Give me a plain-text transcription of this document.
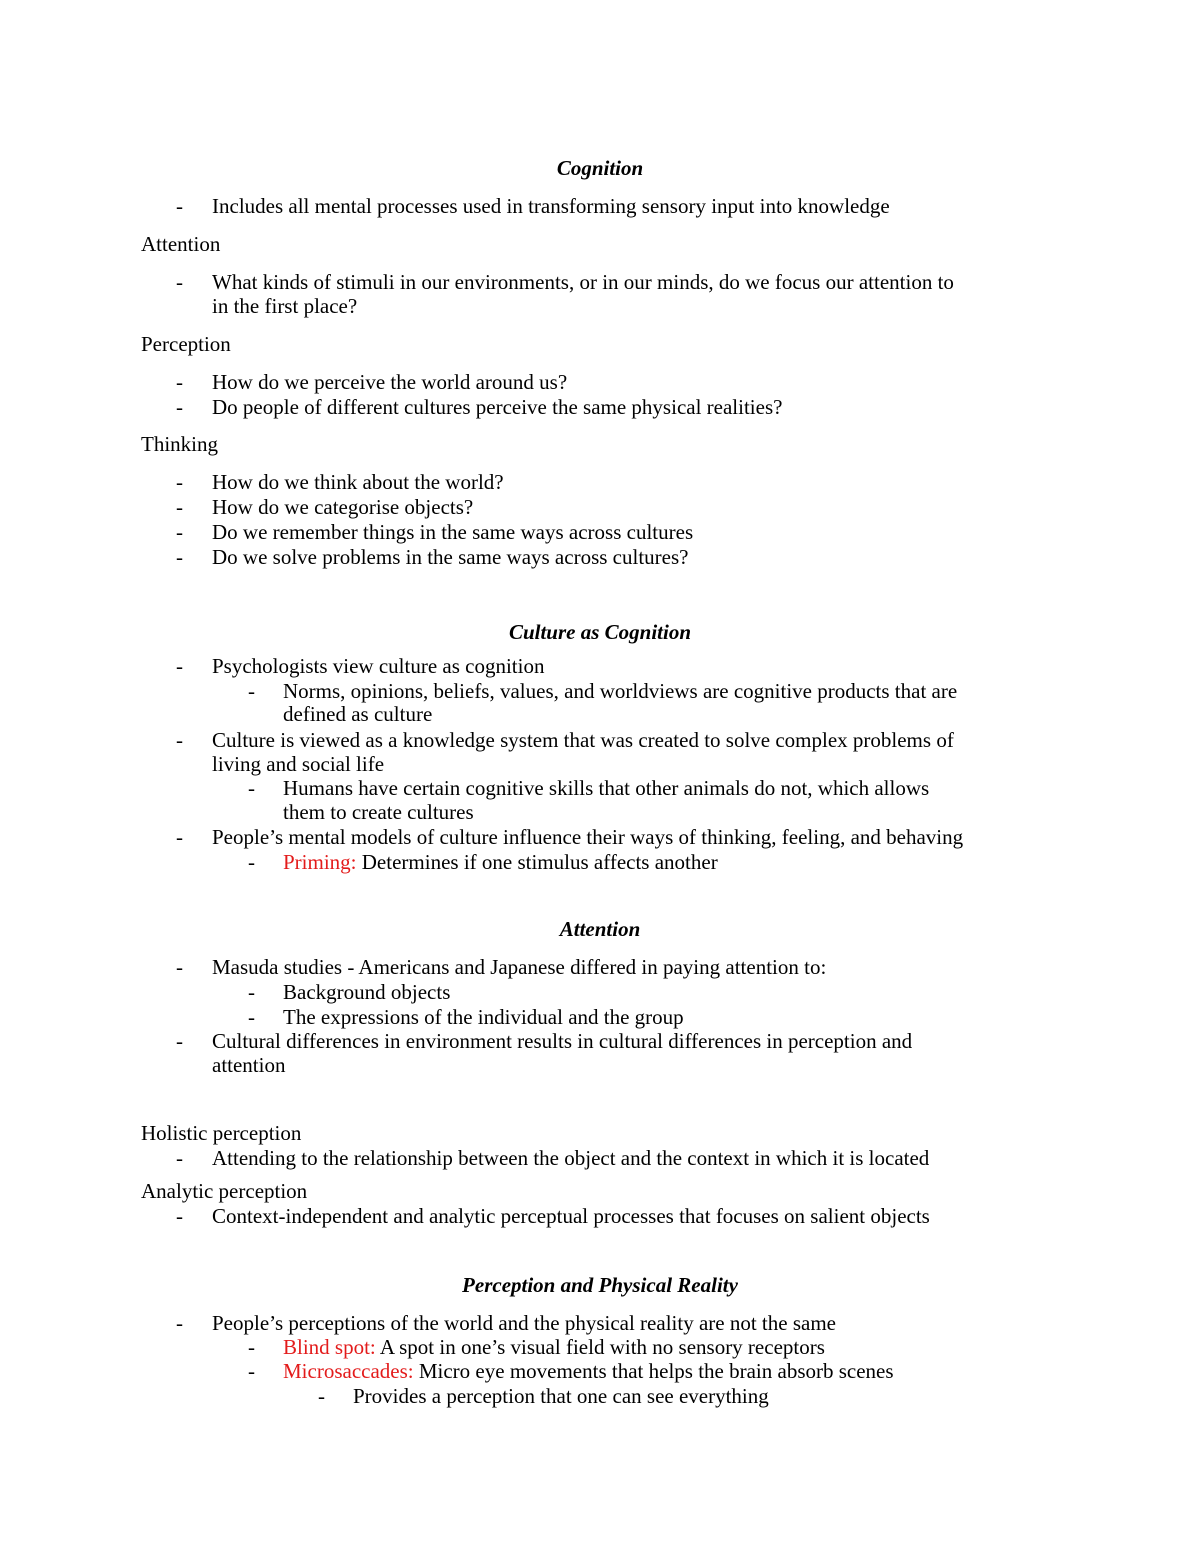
Cognition
- Includes all mental processes used in transforming sensory input into knowledge
Attention
- What kinds of stimuli in our environments, or in our minds, do we focus our attention to
in the first place?
Perception
- How do we perceive the world around us?
- Do people of different cultures perceive the same physical realities?
Thinking
- How do we think about the world?
- How do we categorise objects?
- Do we remember things in the same ways across cultures
- Do we solve problems in the same ways across cultures?
Culture as Cognition
- Psychologists view culture as cognition
- Norms, opinions, beliefs, values, and worldviews are cognitive products that are
defined as culture
- Culture is viewed as a knowledge system that was created to solve complex problems of
living and social life
- Humans have certain cognitive skills that other animals do not, which allows
them to create cultures
- People’s mental models of culture influence their ways of thinking, feeling, and behaving
- Priming: Determines if one stimulus affects another
Attention
- Masuda studies - Americans and Japanese differed in paying attention to:
- Background objects
- The expressions of the individual and the group
- Cultural differences in environment results in cultural differences in perception and
attention
Holistic perception
- Attending to the relationship between the object and the context in which it is located
Analytic perception
- Context-independent and analytic perceptual processes that focuses on salient objects
Perception and Physical Reality
- People’s perceptions of the world and the physical reality are not the same
- Blind spot: A spot in one’s visual field with no sensory receptors
- Microsaccades: Micro eye movements that helps the brain absorb scenes
- Provides a perception that one can see everything
